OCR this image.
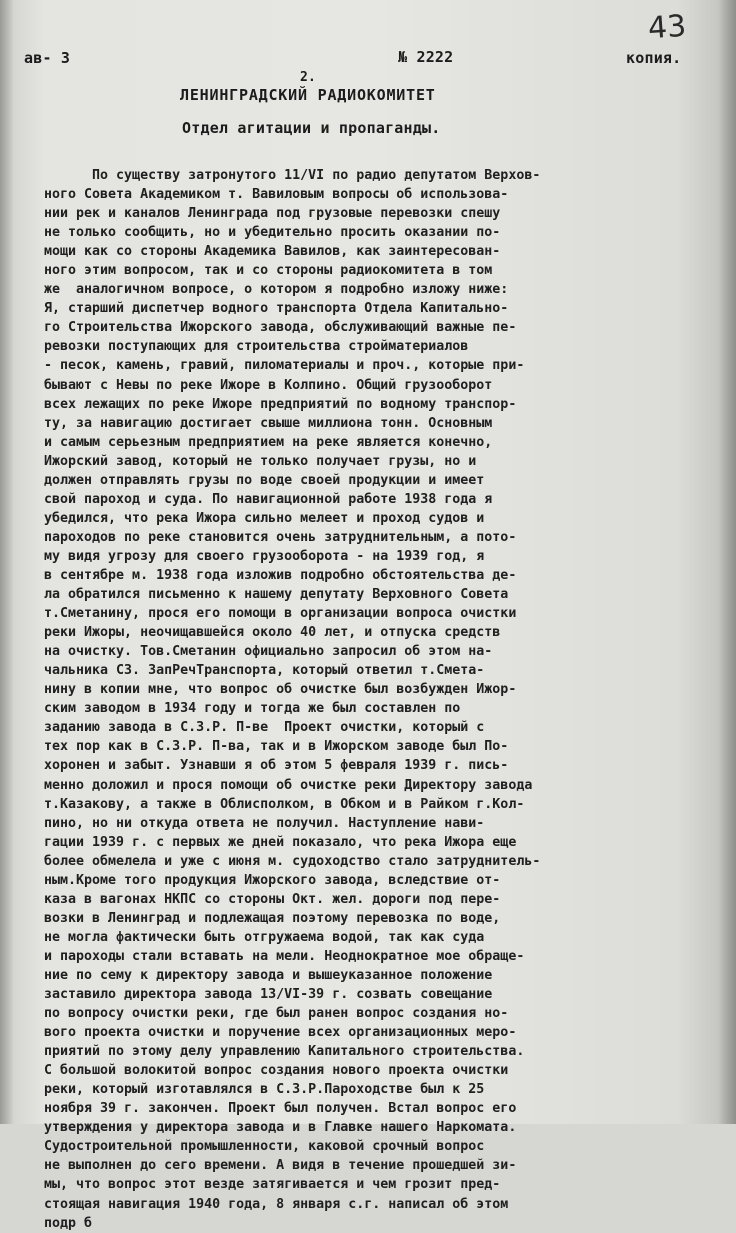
43
ав- 3	№ 2222	копия.
2.
ЛЕНИНГРАДСКИЙ РАДИОКОМИТЕТ
Отдел агитации и пропаганды.
По существу затронутого 11/VI по радио депутатом Верхов-
ного Совета Академиком т. Вавиловым вопросы об использова-
нии рек и каналов Ленинграда под грузовые перевозки спешу
не только сообщить, но и убедительно просить оказании по-
мощи как со стороны Академика Вавилов, как заинтересован-
ного этим вопросом, так и со стороны радиокомитета в том
же  аналогичном вопросе, о котором я подробно изложу ниже:
Я, старший диспетчер водного транспорта Отдела Капитально-
го Строительства Ижорского завода, обслуживающий важные пе-
ревозки поступающих для строительства стройматериалов
- песок, камень, гравий, пиломатериалы и проч., которые при-
бывают с Невы по реке Ижоре в Колпино. Общий грузооборот
всех лежащих по реке Ижоре предприятий по водному транспор-
ту, за навигацию достигает свыше миллиона тонн. Основным
и самым серьезным предприятием на реке является конечно,
Ижорский завод, который не только получает грузы, но и
должен отправлять грузы по воде своей продукции и имеет
свой пароход и суда. По навигационной работе 1938 года я
убедился, что река Ижора сильно мелеет и проход судов и
пароходов по реке становится очень затруднительным, а пото-
му видя угрозу для своего грузооборота - на 1939 год, я
в сентябре м. 1938 года изложив подробно обстоятельства де-
ла обратился письменно к нашему депутату Верховного Совета
т.Сметанину, прося его помощи в организации вопроса очистки
реки Ижоры, неочищавшейся около 40 лет, и отпуска средств
на очистку. Тов.Сметанин официально запросил об этом на-
чальника СЗ. ЗапРечТранспорта, который ответил т.Смета-
нину в копии мне, что вопрос об очистке был возбужден Ижор-
ским заводом в 1934 году и тогда же был составлен по
заданию завода в С.З.Р. П-ве  Проект очистки, который с
тех пор как в С.З.Р. П-ва, так и в Ижорском заводе был По-
хоронен и забыт. Узнавши я об этом 5 февраля 1939 г. пись-
менно доложил и прося помощи об очистке реки Директору завода
т.Казакову, а также в Облисполком, в Обком и в Райком г.Кол-
пино, но ни откуда ответа не получил. Наступление нави-
гации 1939 г. с первых же дней показало, что река Ижора еще
более обмелела и уже с июня м. судоходство стало затруднитель-
ным.Кроме того продукция Ижорского завода, вследствие от-
каза в вагонах НКПС со стороны Окт. жел. дороги под пере-
возки в Ленинград и подлежащая поэтому перевозка по воде,
не могла фактически быть отгружаема водой, так как суда
и пароходы стали вставать на мели. Неоднократное мое обраще-
ние по сему к директору завода и вышеуказанное положение
заставило директора завода 13/VI-39 г. созвать совещание
по вопросу очистки реки, где был ранен вопрос создания но-
вого проекта очистки и поручение всех организационных меро-
приятий по этому делу управлению Капитального строительства.
С большой волокитой вопрос создания нового проекта очистки
реки, который изготавлялся в С.З.Р.Пароходстве был к 25
ноября 39 г. закончен. Проект был получен. Встал вопрос его
утверждения у директора завода и в Главке нашего Наркомата.
Судостроительной промышленности, каковой срочный вопрос
не выполнен до сего времени. А видя в течение прошедшей зи-
мы, что вопрос этот везде затягивается и чем грозит пред-
стоящая навигация 1940 года, 8 января с.г. написал об этом
подр б
